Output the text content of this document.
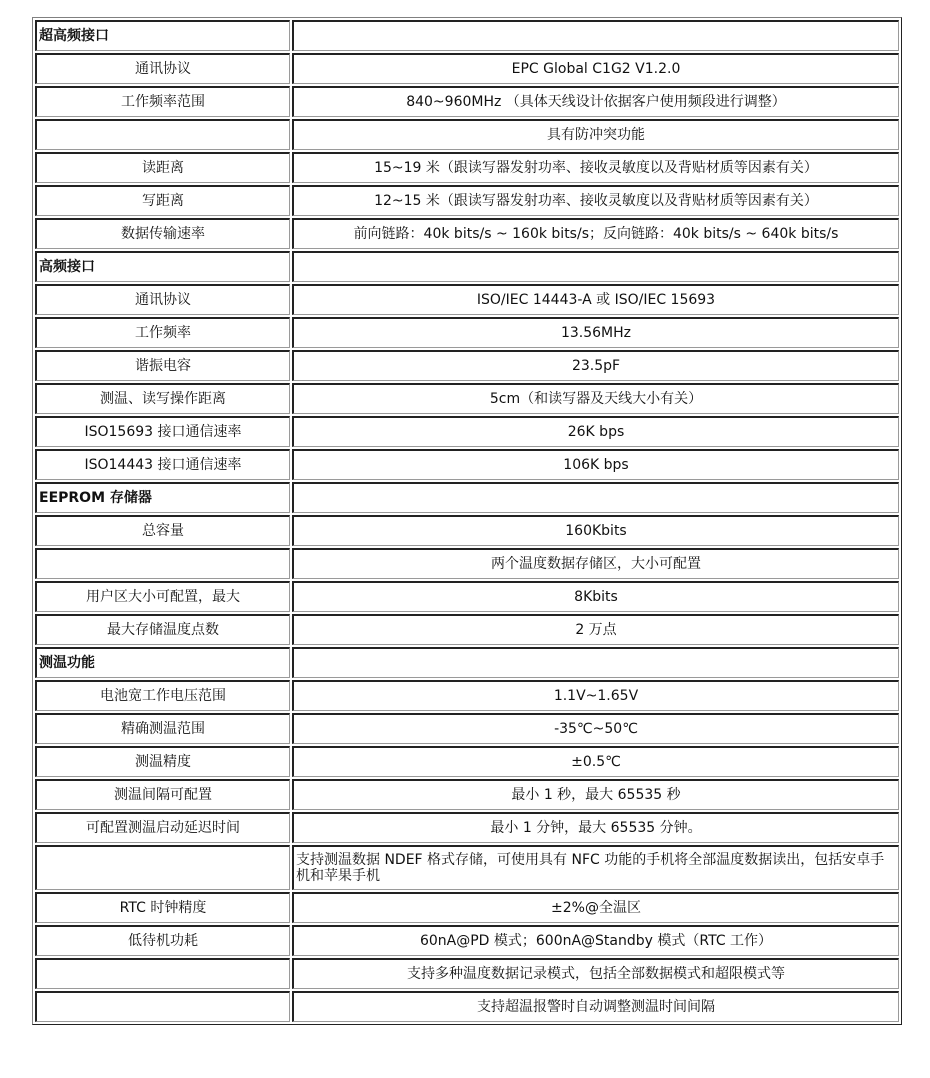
超高频接口	
通讯协议	EPC Global C1G2 V1.2.0
工作频率范围	840~960MHz （具体天线设计依据客户使用频段进行调整）
	具有防冲突功能
读距离	15~19 米（跟读写器发射功率、接收灵敏度以及背贴材质等因素有关）
写距离	12~15 米（跟读写器发射功率、接收灵敏度以及背贴材质等因素有关）
数据传输速率	前向链路：40k bits/s ~ 160k bits/s；反向链路：40k bits/s ~ 640k bits/s
高频接口	
通讯协议	ISO/IEC 14443-A 或 ISO/IEC 15693
工作频率	13.56MHz
谐振电容	23.5pF
测温、读写操作距离	5cm（和读写器及天线大小有关）
ISO15693 接口通信速率	26K bps
ISO14443 接口通信速率	106K bps
EEPROM 存储器	
总容量	160Kbits
	两个温度数据存储区，大小可配置
用户区大小可配置，最大	8Kbits
最大存储温度点数	2 万点
测温功能	
电池宽工作电压范围	1.1V~1.65V
精确测温范围	-35℃~50℃
测温精度	±0.5℃
测温间隔可配置	最小 1 秒，最大 65535 秒
可配置测温启动延迟时间	最小 1 分钟，最大 65535 分钟。
	支持测温数据 NDEF 格式存储，可使用具有 NFC 功能的手机将全部温度数据读出，包括安卓手机和苹果手机
RTC 时钟精度	±2%@全温区
低待机功耗	60nA@PD 模式；600nA@Standby 模式（RTC 工作）
	支持多种温度数据记录模式，包括全部数据模式和超限模式等
	支持超温报警时自动调整测温时间间隔
